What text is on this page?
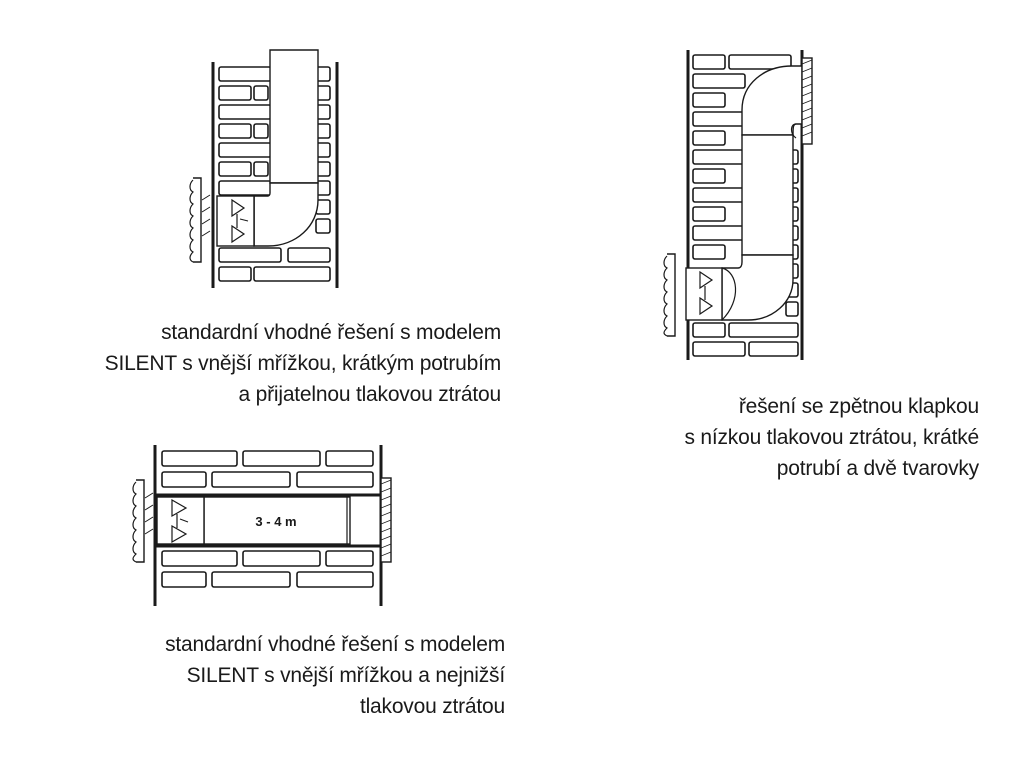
3 - 4 m
standardní vhodné řešení s modelem
SILENT s vnější mřížkou, krátkým potrubím
a přijatelnou tlakovou ztrátou
řešení se zpětnou klapkou
s nízkou tlakovou ztrátou, krátké
potrubí a dvě tvarovky
standardní vhodné řešení s modelem
SILENT s vnější mřížkou a nejnižší
tlakovou ztrátou
